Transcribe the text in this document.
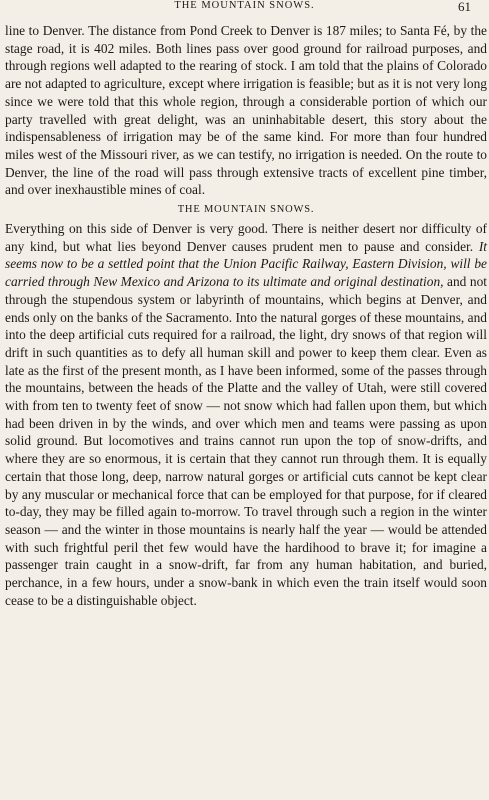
THE MOUNTAIN SNOWS.	61

line to Denver. The distance from Pond Creek to Denver is 187 miles; to Santa Fé, by the stage road, it is 402 miles. Both lines pass over good ground for railroad purposes, and through regions well adapted to the rearing of stock. I am told that the plains of Colorado are not adapted to agriculture, except where irrigation is feasible; but as it is not very long since we were told that this whole region, through a considerable portion of which our party travelled with great delight, was an uninhabitable desert, this story about the indispensableness of irrigation may be of the same kind. For more than four hundred miles west of the Missouri river, as we can testify, no irrigation is needed. On the route to Denver, the line of the road will pass through extensive tracts of excellent pine timber, and over inexhaustible mines of coal.

THE MOUNTAIN SNOWS.

Everything on this side of Denver is very good. There is neither desert nor difficulty of any kind, but what lies beyond Denver causes prudent men to pause and consider. It seems now to be a settled point that the Union Pacific Railway, Eastern Division, will be carried through New Mexico and Arizona to its ultimate and original destination, and not through the stupendous system or labyrinth of mountains, which begins at Denver, and ends only on the banks of the Sacramento. Into the natural gorges of these mountains, and into the deep artificial cuts required for a railroad, the light, dry snows of that region will drift in such quantities as to defy all human skill and power to keep them clear. Even as late as the first of the present month, as I have been informed, some of the passes through the mountains, between the heads of the Platte and the valley of Utah, were still covered with from ten to twenty feet of snow — not snow which had fallen upon them, but which had been driven in by the winds, and over which men and teams were passing as upon solid ground. But locomotives and trains cannot run upon the top of snow-drifts, and where they are so enormous, it is certain that they cannot run through them. It is equally certain that those long, deep, narrow natural gorges or artificial cuts cannot be kept clear by any muscular or mechanical force that can be employed for that purpose, for if cleared to-day, they may be filled again to-morrow. To travel through such a region in the winter season — and the winter in those mountains is nearly half the year — would be attended with such frightful peril thet few would have the hardihood to brave it; for imagine a passenger train caught in a snow-drift, far from any human habitation, and buried, perchance, in a few hours, under a snow-bank in which even the train itself would soon cease to be a distinguishable object.
